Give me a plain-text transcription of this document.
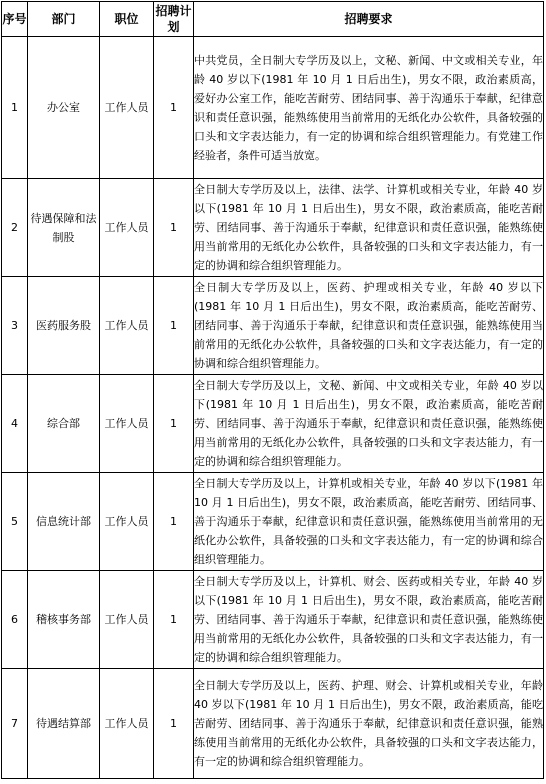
序号	部门	职位	招聘计划	招聘要求
1	办公室	工作人员	1	中共党员，全日制大专学历及以上，文秘、新闻、中文或相关专业，年龄 40 岁以下(1981 年 10 月 1 日后出生)，男女不限，政治素质高，爱好办公室工作，能吃苦耐劳、团结同事、善于沟通乐于奉献，纪律意识和责任意识强，能熟练使用当前常用的无纸化办公软件，具备较强的口头和文字表达能力，有一定的协调和综合组织管理能力。有党建工作经验者，条件可适当放宽。
2	待遇保障和法制股	工作人员	1	全日制大专学历及以上，法律、法学、计算机或相关专业，年龄 40 岁以下(1981 年 10 月 1 日后出生)，男女不限，政治素质高，能吃苦耐劳、团结同事、善于沟通乐于奉献，纪律意识和责任意识强，能熟练使用当前常用的无纸化办公软件，具备较强的口头和文字表达能力，有一定的协调和综合组织管理能力。
3	医药服务股	工作人员	1	全日制大专学历及以上，医药、护理或相关专业，年龄 40 岁以下(1981 年 10 月 1 日后出生)，男女不限，政治素质高，能吃苦耐劳、团结同事、善于沟通乐于奉献，纪律意识和责任意识强，能熟练使用当前常用的无纸化办公软件，具备较强的口头和文字表达能力，有一定的协调和综合组织管理能力。
4	综合部	工作人员	1	全日制大专学历及以上，文秘、新闻、中文或相关专业，年龄 40 岁以下(1981 年 10 月 1 日后出生)，男女不限，政治素质高，能吃苦耐劳、团结同事、善于沟通乐于奉献，纪律意识和责任意识强，能熟练使用当前常用的无纸化办公软件，具备较强的口头和文字表达能力，有一定的协调和综合组织管理能力。
5	信息统计部	工作人员	1	全日制大专学历及以上，计算机或相关专业，年龄 40 岁以下(1981 年 10 月 1 日后出生)，男女不限，政治素质高，能吃苦耐劳、团结同事、善于沟通乐于奉献，纪律意识和责任意识强，能熟练使用当前常用的无纸化办公软件，具备较强的口头和文字表达能力，有一定的协调和综合组织管理能力。
6	稽核事务部	工作人员	1	全日制大专学历及以上，计算机、财会、医药或相关专业，年龄 40 岁以下(1981 年 10 月 1 日后出生)，男女不限，政治素质高，能吃苦耐劳、团结同事、善于沟通乐于奉献，纪律意识和责任意识强，能熟练使用当前常用的无纸化办公软件，具备较强的口头和文字表达能力，有一定的协调和综合组织管理能力。
7	待遇结算部	工作人员	1	全日制大专学历及以上，医药、护理、财会、计算机或相关专业，年龄 40 岁以下(1981 年 10 月 1 日后出生)，男女不限，政治素质高，能吃苦耐劳、团结同事、善于沟通乐于奉献，纪律意识和责任意识强，能熟练使用当前常用的无纸化办公软件，具备较强的口头和文字表达能力，有一定的协调和综合组织管理能力。
